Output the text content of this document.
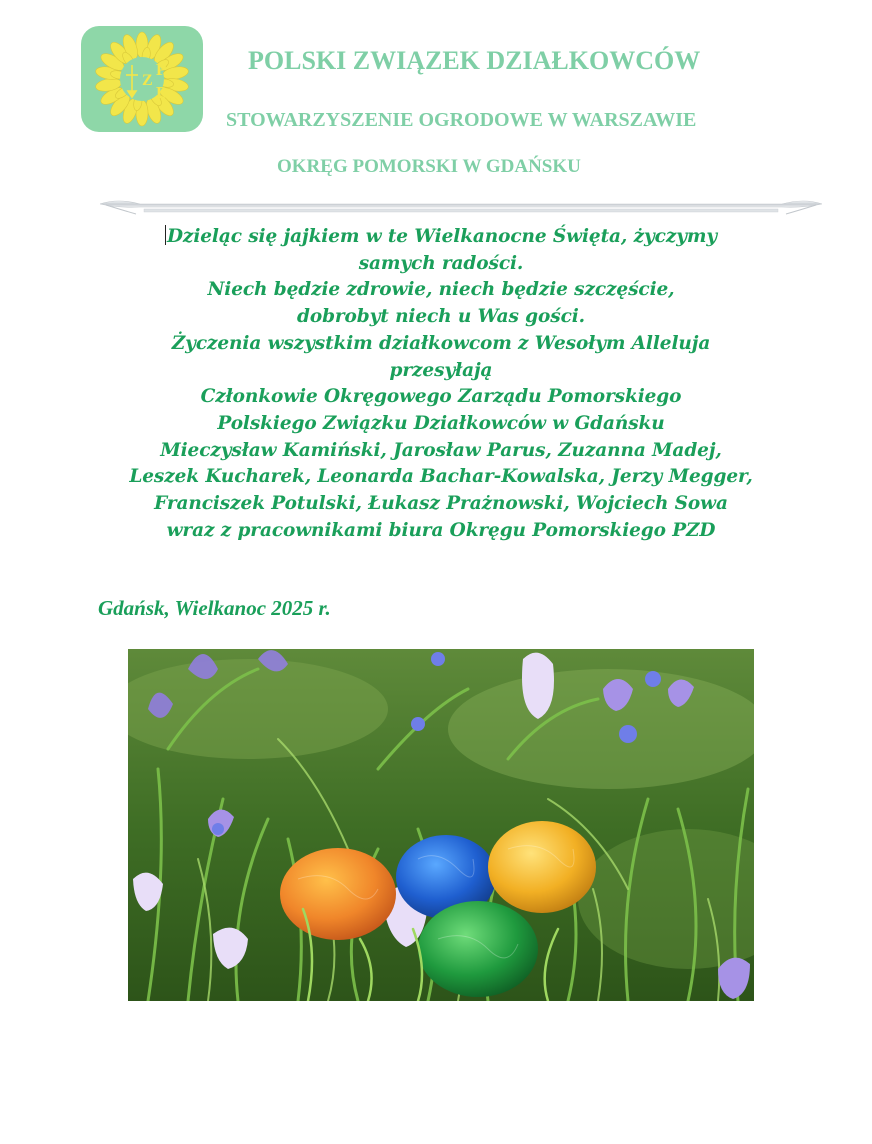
P
Z
D
POLSKI ZWIĄZEK DZIAŁKOWCÓW
STOWARZYSZENIE OGRODOWE W WARSZAWIE
OKRĘG POMORSKI W GDAŃSKU
Dzieląc się jajkiem w te Wielkanocne Święta, życzymy
samych radości.
Niech będzie zdrowie, niech będzie szczęście,
dobrobyt niech u Was gości.
Życzenia wszystkim działkowcom z Wesołym Alleluja
przesyłają
Członkowie Okręgowego Zarządu Pomorskiego
Polskiego Związku Działkowców w Gdańsku
Mieczysław Kamiński, Jarosław Parus, Zuzanna Madej,
Leszek Kucharek, Leonarda Bachar-Kowalska, Jerzy Megger,
Franciszek Potulski, Łukasz Prażnowski, Wojciech Sowa
wraz z pracownikami biura Okręgu Pomorskiego PZD
Gdańsk, Wielkanoc 2025 r.
